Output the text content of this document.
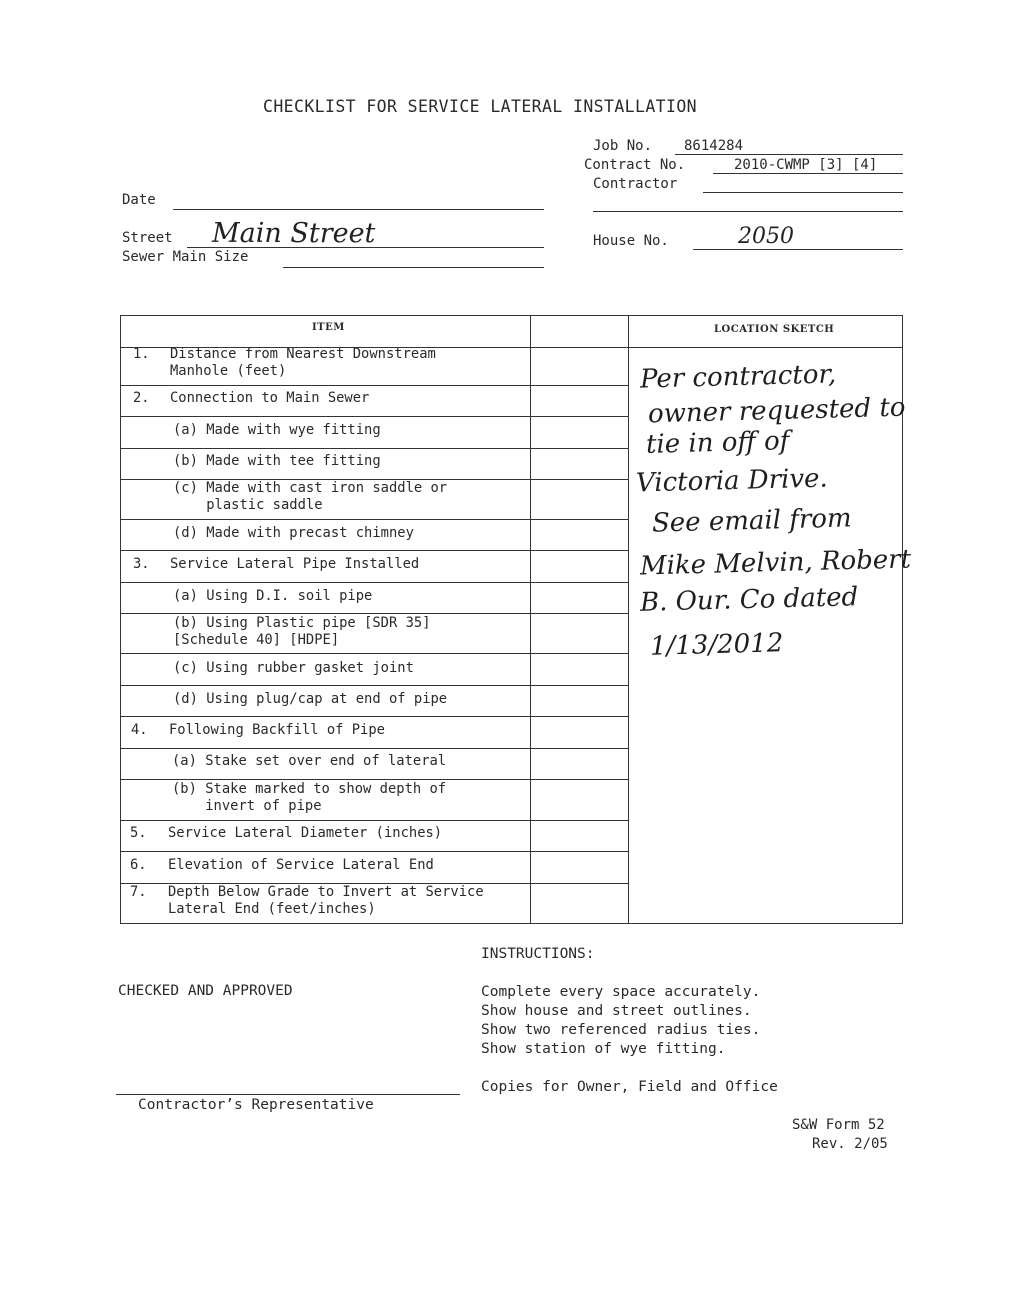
CHECKLIST FOR SERVICE LATERAL INSTALLATION
Job No. 8614284
Contract No.	2010-CWMP [3] [4]
Contractor
House No.	2050
Date
Street Main Street
Sewer Main Size
ITEM	LOCATION SKETCH
1. Distance from Nearest Downstream
Manhole (feet)
2. Connection to Main Sewer
(a) Made with wye fitting
(b) Made with tee fitting
(c) Made with cast iron saddle or
plastic saddle
(d) Made with precast chimney
3. Service Lateral Pipe Installed
(a) Using D.I. soil pipe
(b) Using Plastic pipe [SDR 35]
[Schedule 40] [HDPE]
(c) Using rubber gasket joint
(d) Using plug/cap at end of pipe
4. Following Backfill of Pipe
(a) Stake set over end of lateral
(b) Stake marked to show depth of
invert of pipe
5. Service Lateral Diameter (inches)
6. Elevation of Service Lateral End
7. Depth Below Grade to Invert at Service
Lateral End (feet/inches)
Per contractor,
owner requested to
tie in off of
Victoria Drive.
See email from
Mike Melvin, Robert
B. Our. Co dated
1/13/2012
INSTRUCTIONS:
CHECKED AND APPROVED	Complete every space accurately.
Show house and street outlines.
Show two referenced radius ties.
Show station of wye fitting.
Copies for Owner, Field and Office
Contractor’s Representative
S&W Form 52
Rev. 2/05
